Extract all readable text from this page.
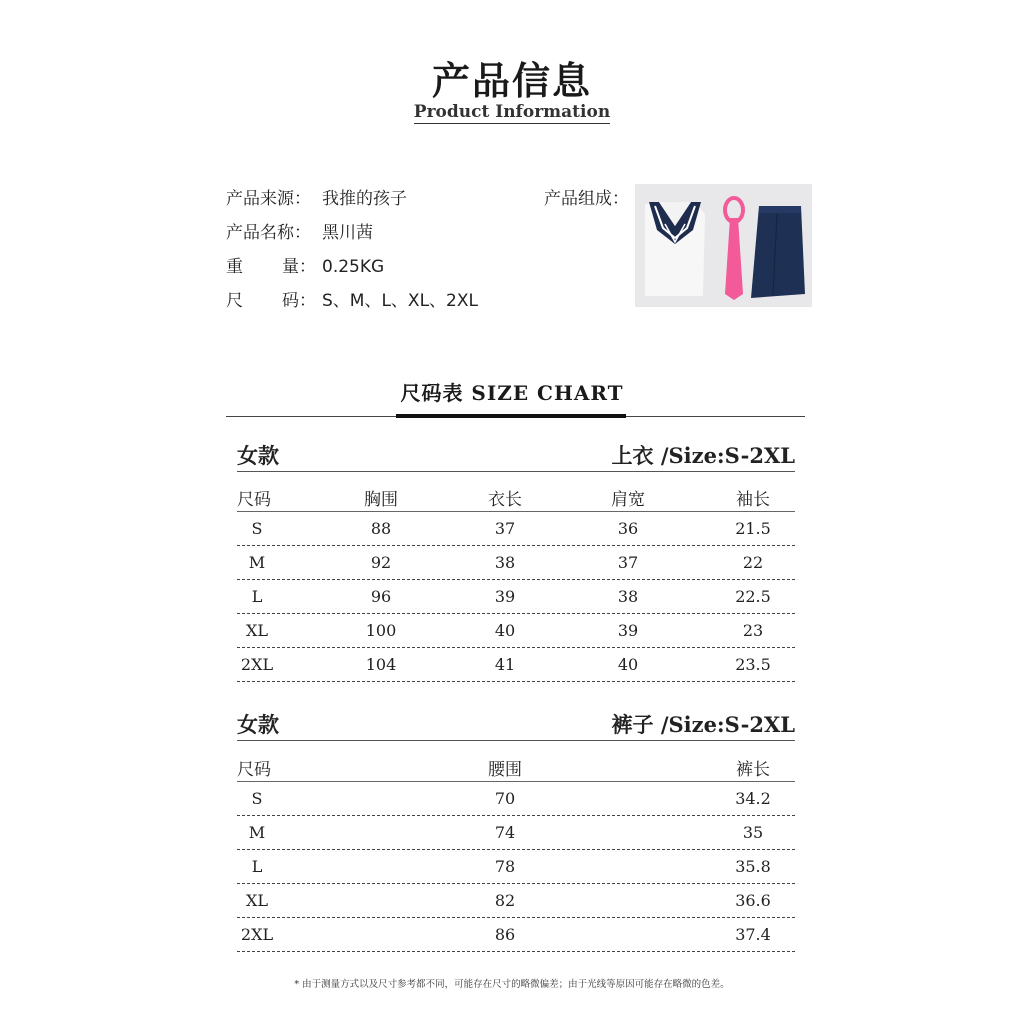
产品信息
Product Information
产品来源： 我推的孩子
产品名称： 黑川茜
重 量： 0.25KG
尺 码： S、M、L、XL、2XL
产品组成：
尺码表 SIZE CHART
女款	上衣 /Size:S-2XL
尺码	胸围	衣长	肩宽	袖长
S	88	37	36	21.5
M	92	38	37	22
L	96	39	38	22.5
XL	100	40	39	23
2XL	104	41	40	23.5
女款	裤子 /Size:S-2XL
尺码	腰围	裤长
S	70	34.2
M	74	35
L	78	35.8
XL	82	36.6
2XL	86	37.4
* 由于测量方式以及尺寸参考都不同，可能存在尺寸的略微偏差；由于光线等原因可能存在略微的色差。
